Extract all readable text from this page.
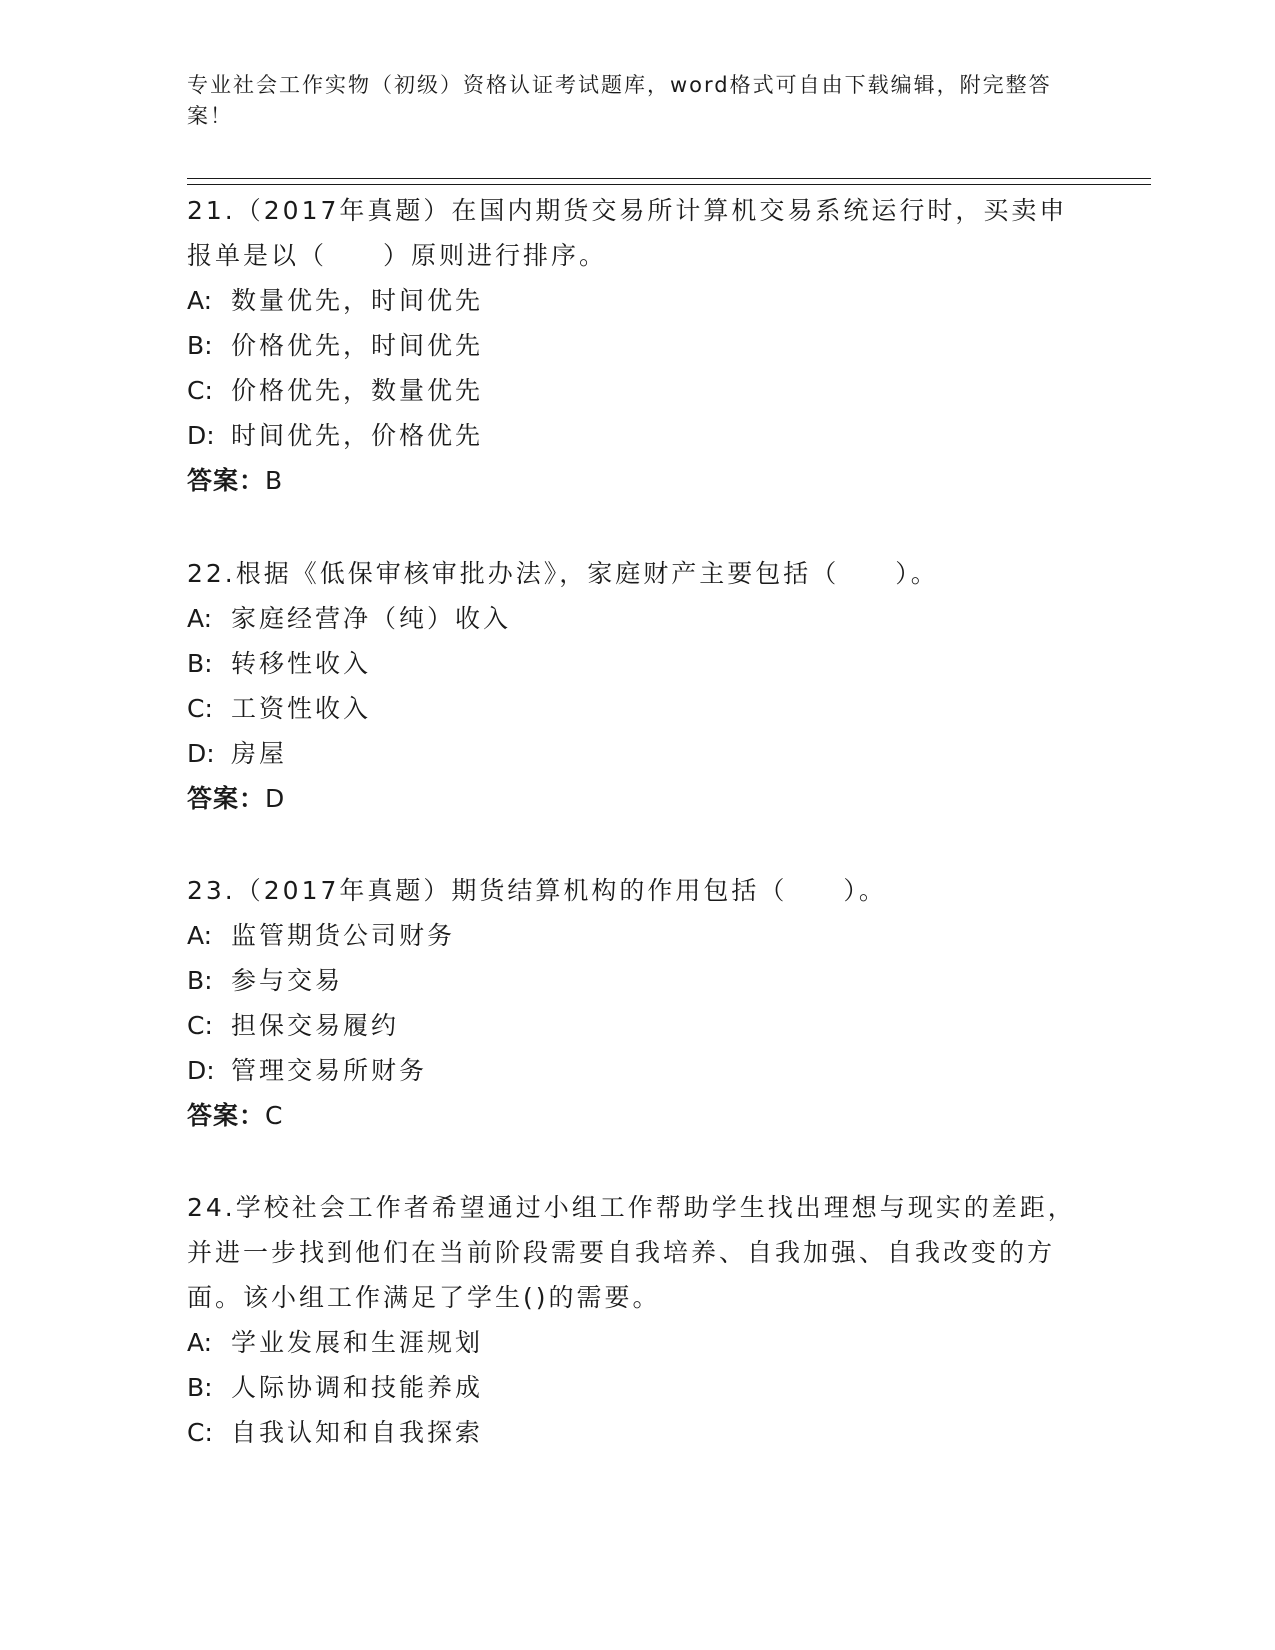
专业社会工作实物（初级）资格认证考试题库，word格式可自由下载编辑，附完整答案！

21.（2017年真题）在国内期货交易所计算机交易系统运行时，买卖申报单是以（　　）原则进行排序。

A: 数量优先，时间优先
B: 价格优先，时间优先
C: 价格优先，数量优先
D: 时间优先，价格优先
答案：B

22.根据《低保审核审批办法》，家庭财产主要包括（　　）。

A: 家庭经营净（纯）收入
B: 转移性收入
C: 工资性收入
D: 房屋
答案：D

23.（2017年真题）期货结算机构的作用包括（　　）。

A: 监管期货公司财务
B: 参与交易
C: 担保交易履约
D: 管理交易所财务
答案：C

24.学校社会工作者希望通过小组工作帮助学生找出理想与现实的差距，并进一步找到他们在当前阶段需要自我培养、自我加强、自我改变的方面。该小组工作满足了学生()的需要。

A: 学业发展和生涯规划
B: 人际协调和技能养成
C: 自我认知和自我探索
